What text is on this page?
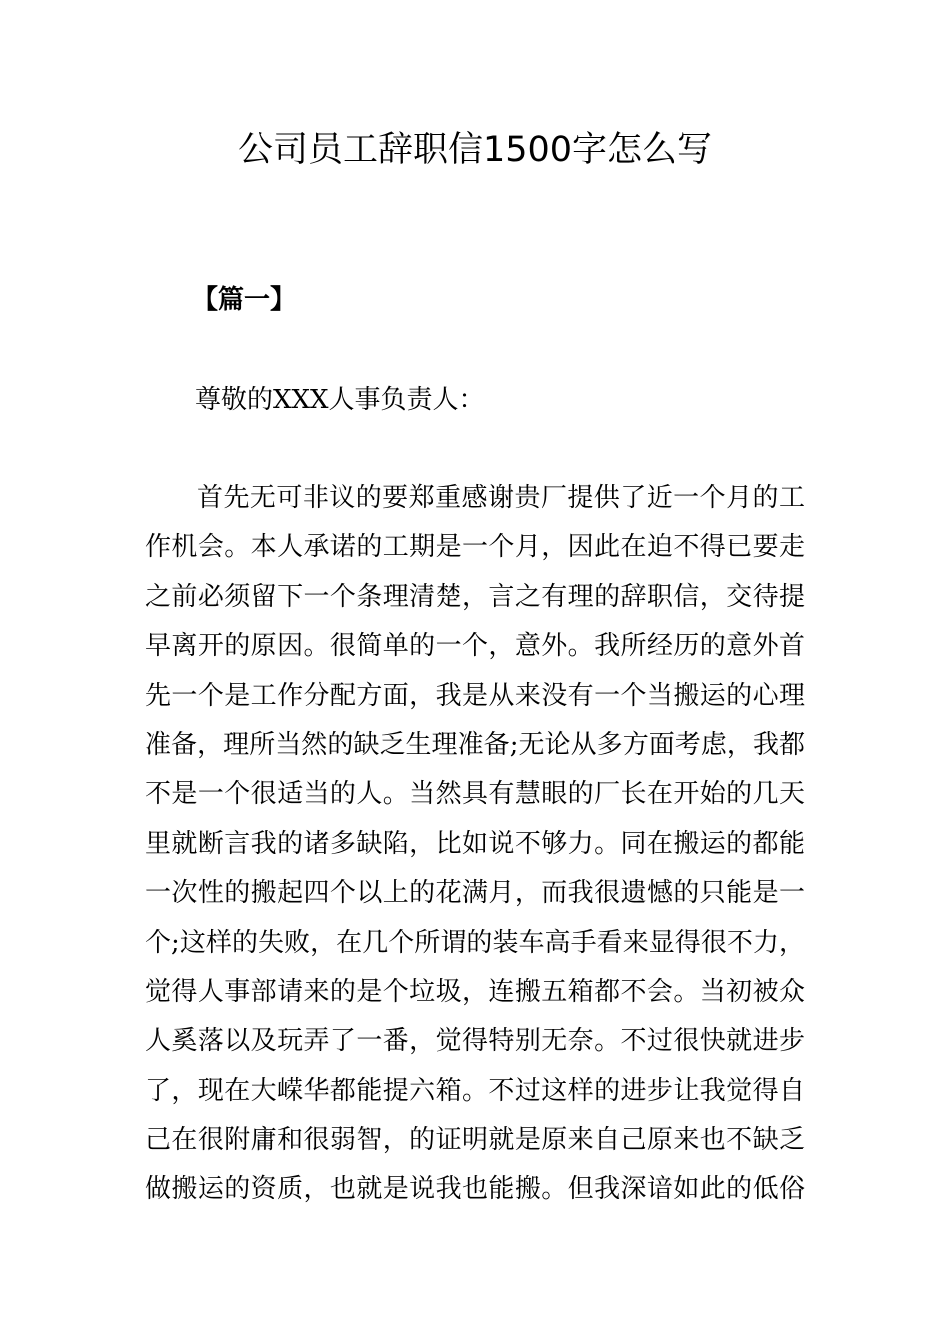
公司员工辞职信1500字怎么写

【篇一】

尊敬的XXX人事负责人：

首先无可非议的要郑重感谢贵厂提供了近一个月的工
作机会。本人承诺的工期是一个月，因此在迫不得已要走
之前必须留下一个条理清楚，言之有理的辞职信，交待提
早离开的原因。很简单的一个，意外。我所经历的意外首
先一个是工作分配方面，我是从来没有一个当搬运的心理
准备，理所当然的缺乏生理准备;无论从多方面考虑，我都
不是一个很适当的人。当然具有慧眼的厂长在开始的几天
里就断言我的诸多缺陷，比如说不够力。同在搬运的都能
一次性的搬起四个以上的花满月，而我很遗憾的只能是一
个;这样的失败，在几个所谓的装车高手看来显得很不力，
觉得人事部请来的是个垃圾，连搬五箱都不会。当初被众
人奚落以及玩弄了一番，觉得特别无奈。不过很快就进步
了，现在大嵘华都能提六箱。不过这样的进步让我觉得自
己在很附庸和很弱智，的证明就是原来自己原来也不缺乏
做搬运的资质，也就是说我也能搬。但我深谙如此的低俗
